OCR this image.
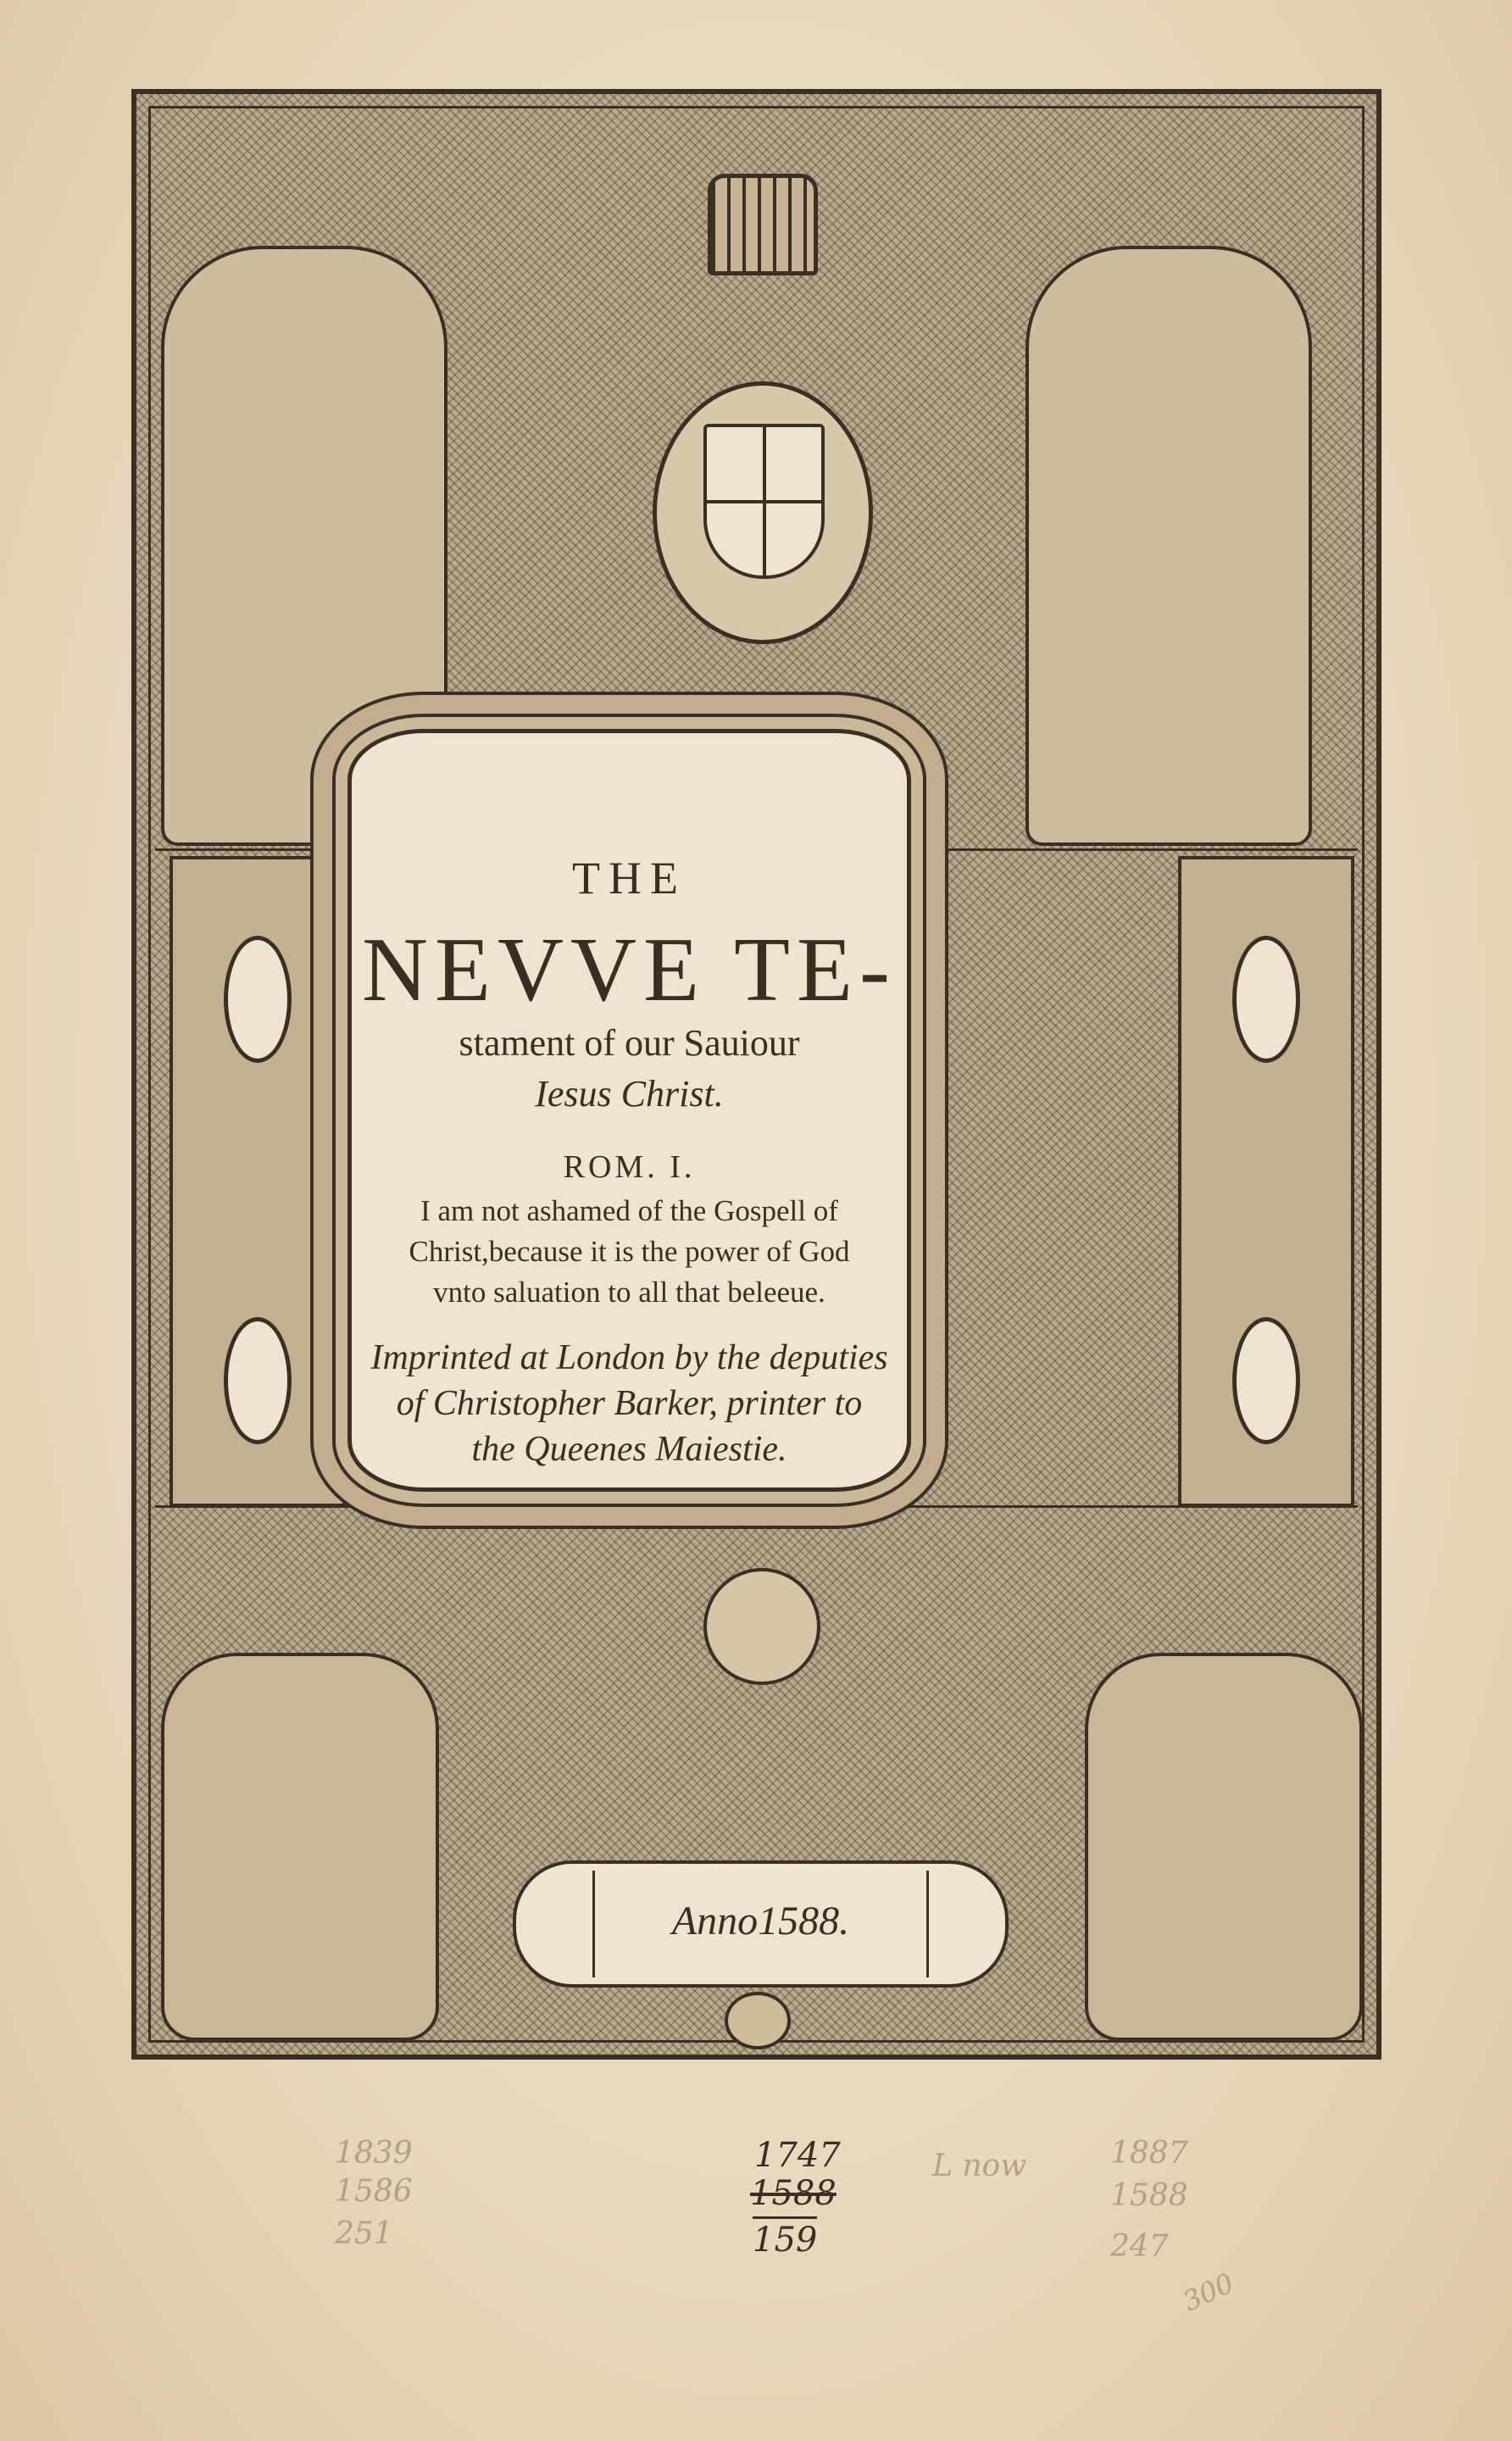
THE
NEVVE TE-
stament of our Sauiour
Iesus Christ.
ROM. I.
I am not ashamed of the Gospell of
Christ,because it is the power of God
vnto saluation to all that beleeue.
Imprinted at London by the deputies
of Christopher Barker, printer to
the Queenes Maiestie.
Anno1588.
1747
1588
159
1839
1586
251
L now	1887
1588
247
300
